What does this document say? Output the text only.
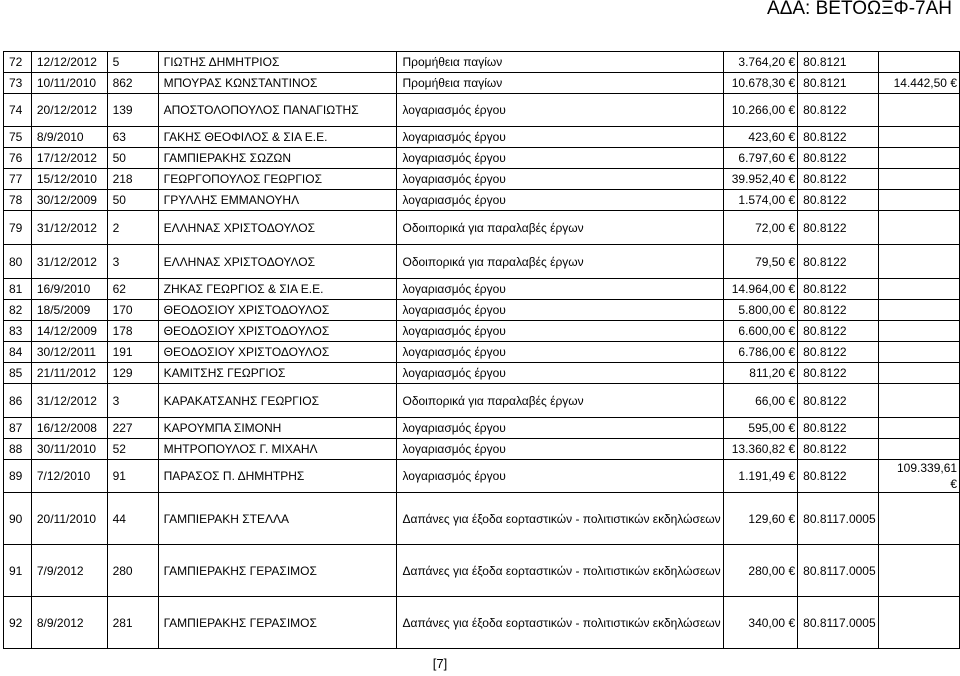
ΑΔΑ: ΒΕΤΟΩΞΦ-7ΑΗ
72	12/12/2012	5	ΓΙΩΤΗΣ ΔΗΜΗΤΡΙΟΣ	Προμήθεια παγίων	3.764,20 €	80.8121	
73	10/11/2010	862	ΜΠΟΥΡΑΣ ΚΩΝΣΤΑΝΤΙΝΟΣ	Προμήθεια παγίων	10.678,30 €	80.8121	14.442,50 €
74	20/12/2012	139	ΑΠΟΣΤΟΛΟΠΟΥΛΟΣ ΠΑΝΑΓΙΩΤΗΣ	λογαριασμός έργου	10.266,00 €	80.8122	
75	8/9/2010	63	ΓΑΚΗΣ ΘΕΟΦΙΛΟΣ & ΣΙΑ Ε.Ε.	λογαριασμός έργου	423,60 €	80.8122	
76	17/12/2012	50	ΓΑΜΠΙΕΡΑΚΗΣ ΣΩΖΩΝ	λογαριασμός έργου	6.797,60 €	80.8122	
77	15/12/2010	218	ΓΕΩΡΓΟΠΟΥΛΟΣ ΓΕΩΡΓΙΟΣ	λογαριασμός έργου	39.952,40 €	80.8122	
78	30/12/2009	50	ΓΡΥΛΛΗΣ ΕΜΜΑΝΟΥΗΛ	λογαριασμός έργου	1.574,00 €	80.8122	
79	31/12/2012	2	ΕΛΛΗΝΑΣ ΧΡΙΣΤΟΔΟΥΛΟΣ	Οδοιπορικά για παραλαβές έργων	72,00 €	80.8122	
80	31/12/2012	3	ΕΛΛΗΝΑΣ ΧΡΙΣΤΟΔΟΥΛΟΣ	Οδοιπορικά για παραλαβές έργων	79,50 €	80.8122	
81	16/9/2010	62	ΖΗΚΑΣ ΓΕΩΡΓΙΟΣ & ΣΙΑ Ε.Ε.	λογαριασμός έργου	14.964,00 €	80.8122	
82	18/5/2009	170	ΘΕΟΔΟΣΙΟΥ ΧΡΙΣΤΟΔΟΥΛΟΣ	λογαριασμός έργου	5.800,00 €	80.8122	
83	14/12/2009	178	ΘΕΟΔΟΣΙΟΥ ΧΡΙΣΤΟΔΟΥΛΟΣ	λογαριασμός έργου	6.600,00 €	80.8122	
84	30/12/2011	191	ΘΕΟΔΟΣΙΟΥ ΧΡΙΣΤΟΔΟΥΛΟΣ	λογαριασμός έργου	6.786,00 €	80.8122	
85	21/11/2012	129	ΚΑΜΙΤΣΗΣ ΓΕΩΡΓΙΟΣ	λογαριασμός έργου	811,20 €	80.8122	
86	31/12/2012	3	ΚΑΡΑΚΑΤΣΑΝΗΣ ΓΕΩΡΓΙΟΣ	Οδοιπορικά για παραλαβές έργων	66,00 €	80.8122	
87	16/12/2008	227	ΚΑΡΟΥΜΠΑ ΣΙΜΟΝΗ	λογαριασμός έργου	595,00 €	80.8122	
88	30/11/2010	52	ΜΗΤΡΟΠΟΥΛΟΣ Γ. ΜΙΧΑΗΛ	λογαριασμός έργου	13.360,82 €	80.8122	
89	7/12/2010	91	ΠΑΡΑΣΟΣ Π. ΔΗΜΗΤΡΗΣ	λογαριασμός έργου	1.191,49 €	80.8122	109.339,61 €
90	20/11/2010	44	ΓΑΜΠΙΕΡΑΚΗ ΣΤΕΛΛΑ	Δαπάνες για έξοδα εορταστικών - πολιτιστικών εκδηλώσεων	129,60 €	80.8117.0005	
91	7/9/2012	280	ΓΑΜΠΙΕΡΑΚΗΣ ΓΕΡΑΣΙΜΟΣ	Δαπάνες για έξοδα εορταστικών - πολιτιστικών εκδηλώσεων	280,00 €	80.8117.0005	
92	8/9/2012	281	ΓΑΜΠΙΕΡΑΚΗΣ ΓΕΡΑΣΙΜΟΣ	Δαπάνες για έξοδα εορταστικών - πολιτιστικών εκδηλώσεων	340,00 €	80.8117.0005	
[7]
